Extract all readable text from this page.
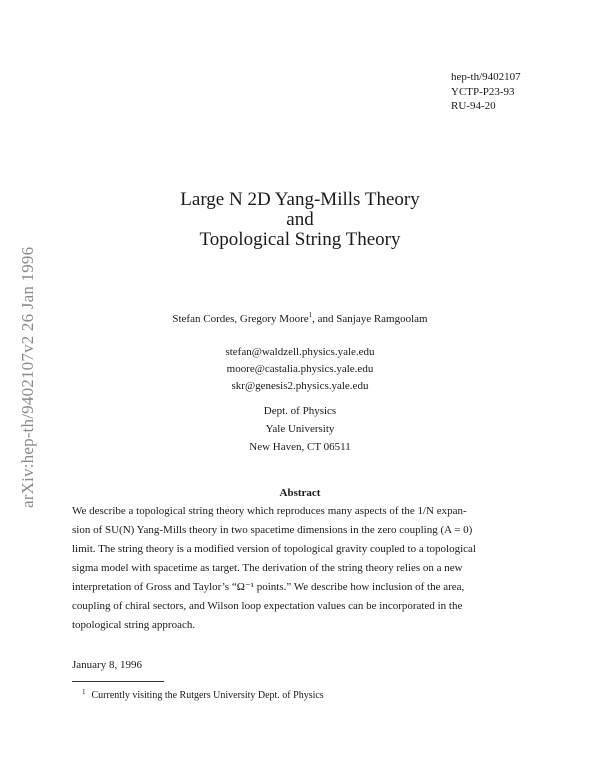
hep-th/9402107
YCTP-P23-93
RU-94-20
arXiv:hep-th/9402107v2 26 Jan 1996
Large N 2D Yang-Mills Theory
and
Topological String Theory
Stefan Cordes, Gregory Moore$^1$, and Sanjaye Ramgoolam
stefan@waldzell.physics.yale.edu
moore@castalia.physics.yale.edu
skr@genesis2.physics.yale.edu
Dept. of Physics
Yale University
New Haven, CT 06511
Abstract
We describe a topological string theory which reproduces many aspects of the 1/N expan-
sion of SU(N) Yang-Mills theory in two spacetime dimensions in the zero coupling (A = 0)
limit. The string theory is a modified version of topological gravity coupled to a topological
sigma model with spacetime as target. The derivation of the string theory relies on a new
interpretation of Gross and Taylor’s “Ω⁻¹ points.” We describe how inclusion of the area,
coupling of chiral sectors, and Wilson loop expectation values can be incorporated in the
topological string approach.
January 8, 1996
$^1$ Currently visiting the Rutgers University Dept. of Physics
